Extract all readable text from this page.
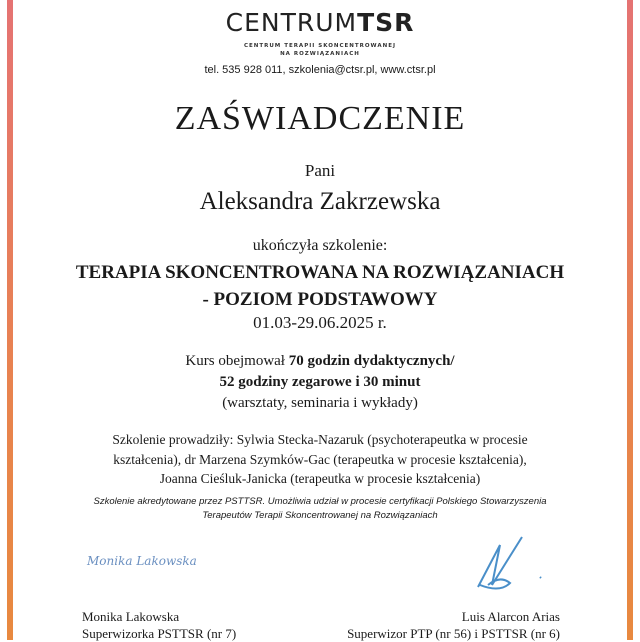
CENTRUMTSR
CENTRUM TERAPII SKONCENTROWANEJ
NA ROZWIĄZANIACH
tel. 535 928 011, szkolenia@ctsr.pl, www.ctsr.pl
ZAŚWIADCZENIE
Pani
Aleksandra Zakrzewska
ukończyła szkolenie:
TERAPIA SKONCENTROWANA NA ROZWIĄZANIACH
- POZIOM PODSTAWOWY
01.03-29.06.2025 r.
Kurs obejmował 70 godzin dydaktycznych/
52 godziny zegarowe i 30 minut
(warsztaty, seminaria i wykłady)
Szkolenie prowadziły: Sylwia Stecka-Nazaruk (psychoterapeutka w procesie
kształcenia), dr Marzena Szymków-Gac (terapeutka w procesie kształcenia),
Joanna Cieśluk-Janicka (terapeutka w procesie kształcenia)
Szkolenie akredytowane przez PSTTSR. Umożliwia udział w procesie certyfikacji Polskiego Stowarzyszenia
Terapeutów Terapii Skoncentrowanej na Rozwiązaniach
Monika Lakowska
Monika Lakowska
Superwizorka PSTTSR (nr 7)
Luis Alarcon Arias
Superwizor PTP (nr 56) i PSTTSR (nr 6)
